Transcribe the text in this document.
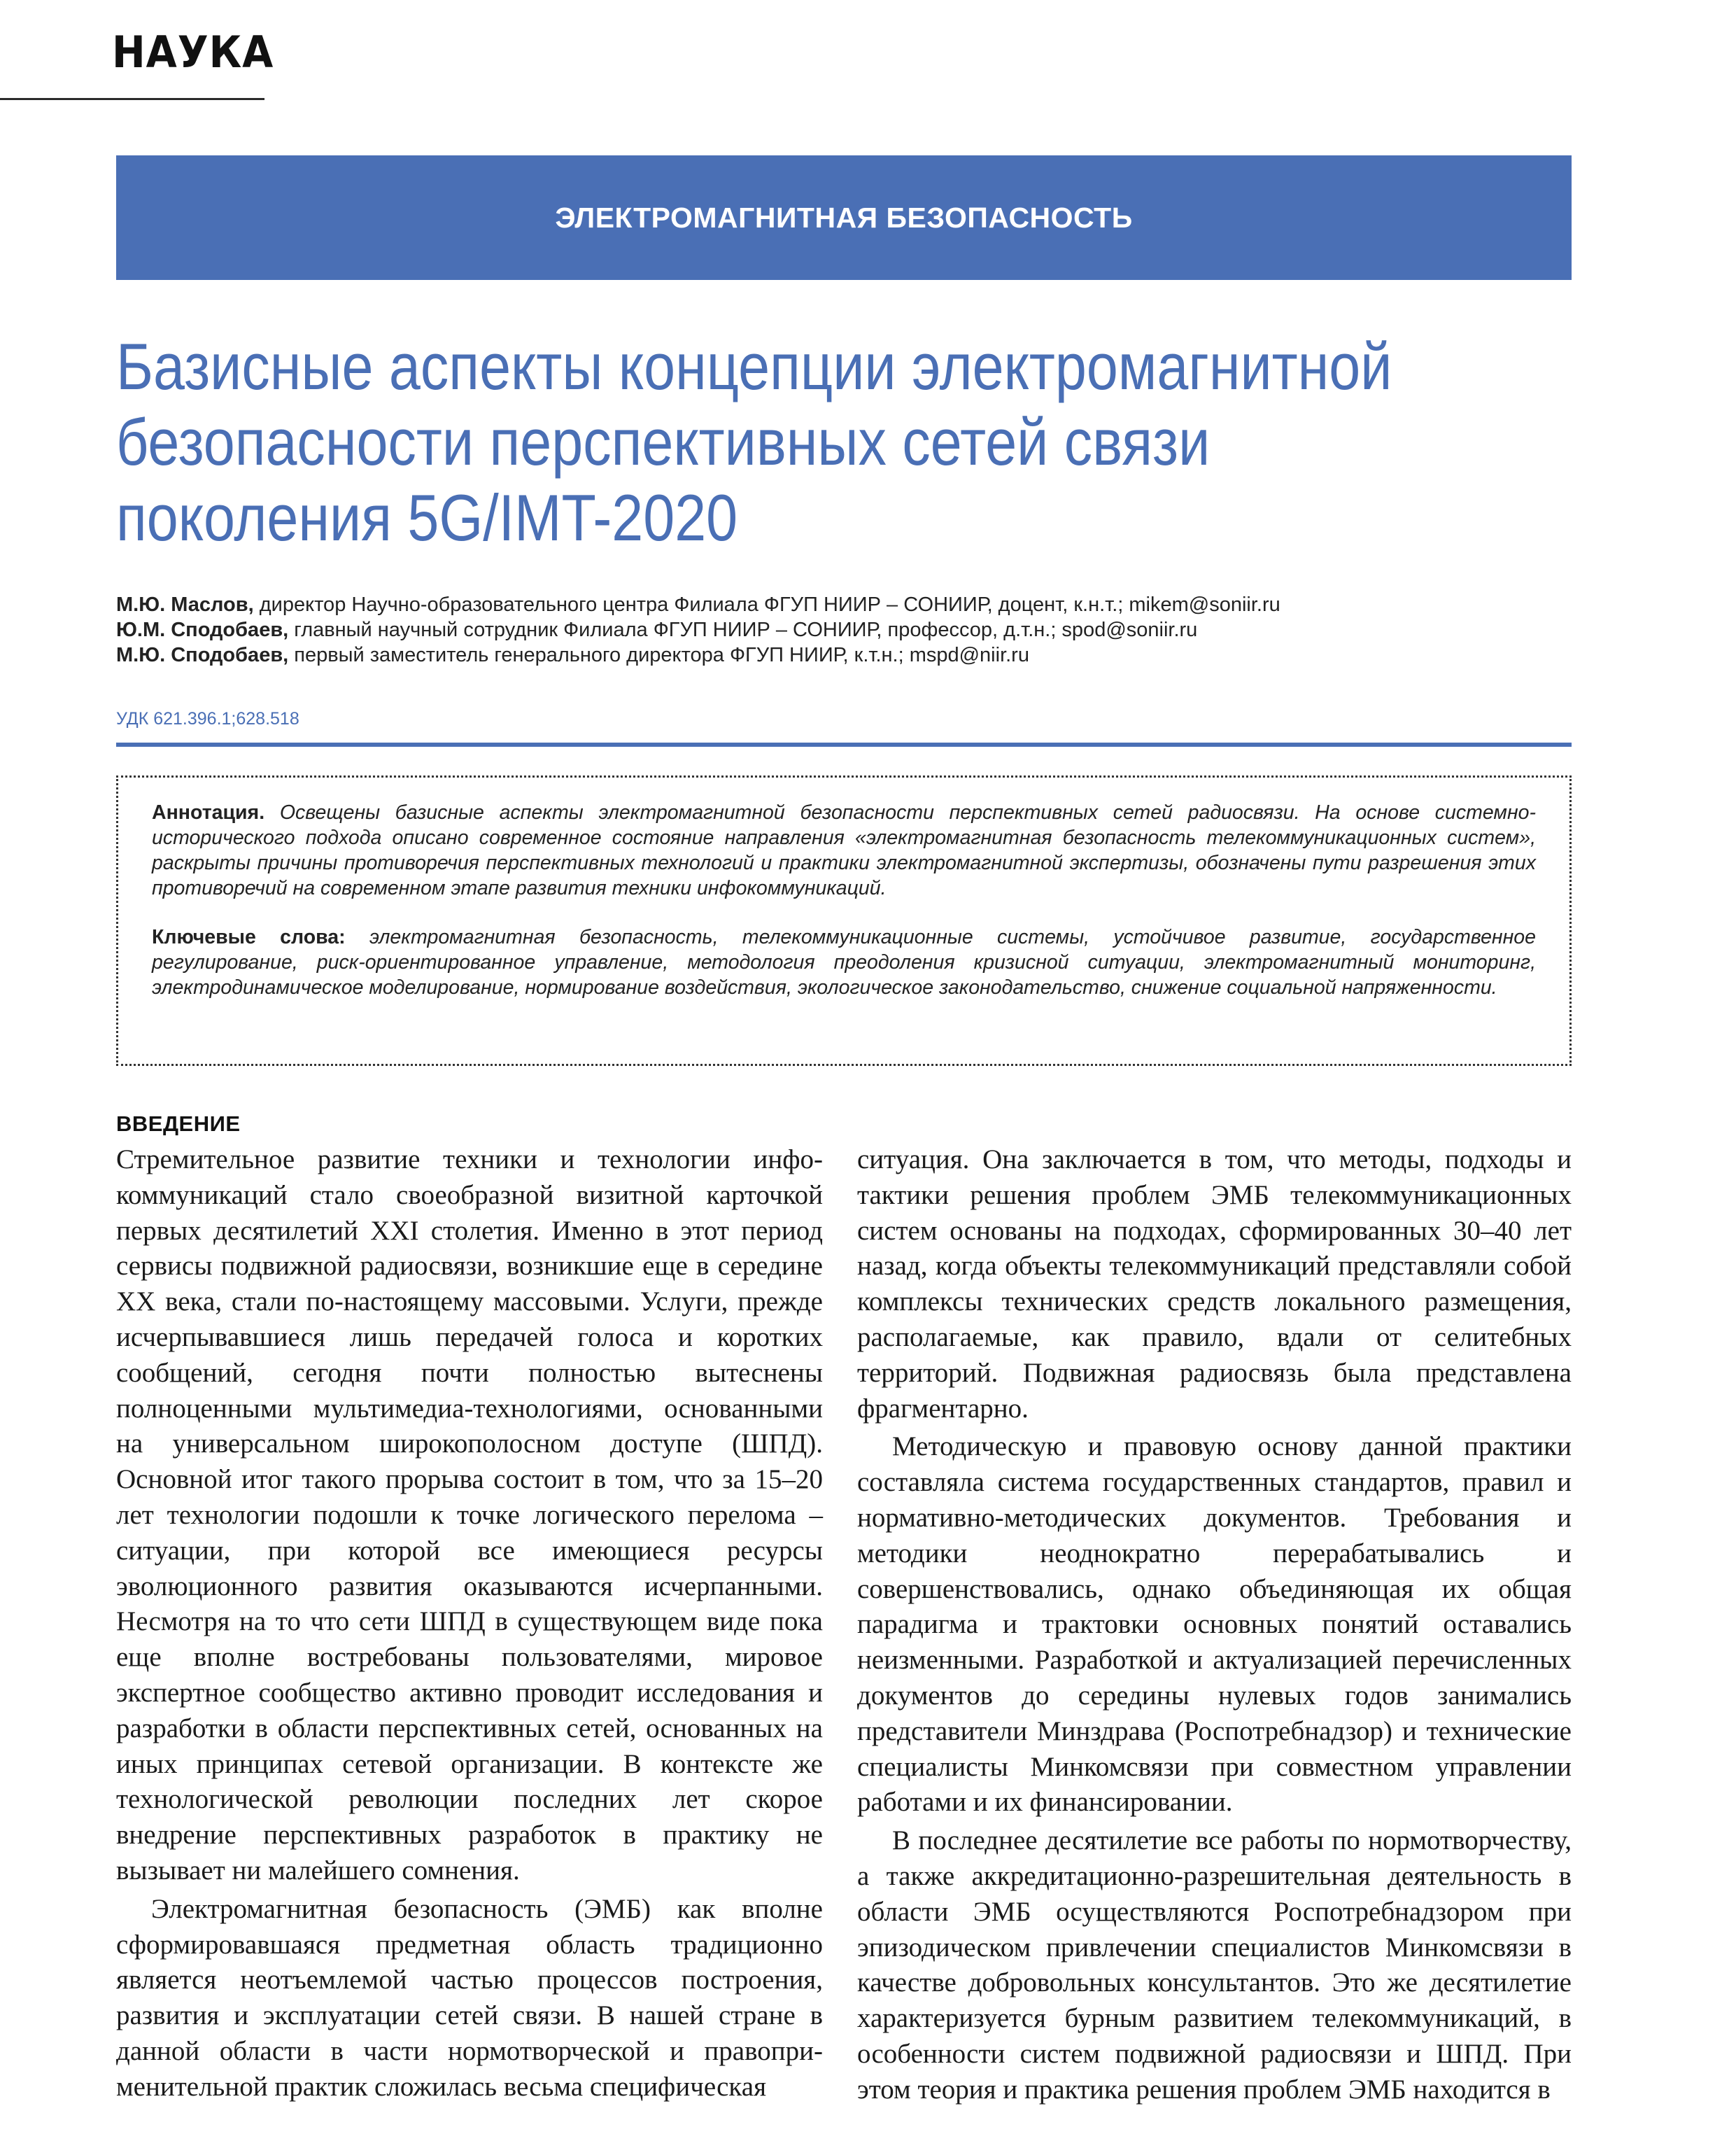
НАУКА
ЭЛЕКТРОМАГНИТНАЯ БЕЗОПАСНОСТЬ
Базисные аспекты концепции электромагнитной
безопасности перспективных сетей связи
поколения 5G/IMT-2020
М.Ю. Маслов, директор Научно-образовательного центра Филиала ФГУП НИИР – СОНИИР, доцент, к.н.т.; mikem@soniir.ru
Ю.М. Сподобаев, главный научный сотрудник Филиала ФГУП НИИР – СОНИИР, профессор, д.т.н.; spod@soniir.ru
М.Ю. Сподобаев, первый заместитель генерального директора ФГУП НИИР, к.т.н.; mspd@niir.ru
УДК 621.396.1;628.518

Аннотация. Освещены базисные аспекты электромагнитной безопасности перспективных сетей радиосвязи. На основе системно-исторического подхода описано современное состояние направления «электромагнитная безопасность телекоммуникационных систем», раскрыты причины противоречия перспективных технологий и практики электромагнитной экспертизы, обозначены пути разрешения этих противоречий на современном этапе развития техники инфокоммуникаций.

Ключевые слова: электромагнитная безопасность, телекоммуникационные системы, устойчивое развитие, государственное регулирование, риск-ориентированное управление, методология преодоления кризисной ситуации, электромагнитный мониторинг, электродинамическое моделирование, нормирование воздействия, экологическое законодательство, снижение социальной напряженности.

ВВЕДЕНИЕ

Стремительное развитие техники и технологии инфокоммуникаций стало своеобразной визитной карточкой первых десятилетий XXI столетия. Именно в этот период сервисы подвижной радиосвязи, возникшие еще в середине XX века, стали по-настоящему массовыми. Услуги, прежде исчерпывавшиеся лишь передачей голоса и коротких сообщений, сегодня почти полностью вытеснены полноценными мультимедиа-технологиями, основанными на универсальном широкополосном доступе (ШПД). Основной итог такого прорыва состоит в том, что за 15–20 лет технологии подошли к точке логического перелома – ситуации, при которой все имеющиеся ресурсы эволюционного развития оказываются исчерпанными. Несмотря на то что сети ШПД в существующем виде пока еще вполне востребованы пользователями, мировое экспертное сообщество активно проводит исследования и разработки в области перспективных сетей, основанных на иных принципах сетевой организации. В контексте же технологической революции последних лет скорое внедрение перспективных разработок в практику не вызывает ни малейшего сомнения.

Электромагнитная безопасность (ЭМБ) как вполне сформировавшаяся предметная область традиционно является неотъемлемой частью процессов построения, развития и эксплуатации сетей связи. В нашей стране в данной области в части нормотворческой и правоприменительной практик сложилась весьма специфическая

ситуация. Она заключается в том, что методы, подходы и тактики решения проблем ЭМБ телекоммуникационных систем основаны на подходах, сформированных 30–40 лет назад, когда объекты телекоммуникаций представляли собой комплексы технических средств локального размещения, располагаемые, как правило, вдали от селитебных территорий. Подвижная радиосвязь была представлена фрагментарно.

Методическую и правовую основу данной практики составляла система государственных стандартов, правил и нормативно-методических документов. Требования и методики неоднократно перерабатывались и совершенствовались, однако объединяющая их общая парадигма и трактовки основных понятий оставались неизменными. Разработкой и актуализацией перечисленных документов до середины нулевых годов занимались представители Минздрава (Роспотребнадзор) и технические специалисты Минкомсвязи при совместном управлении работами и их финансировании.

В последнее десятилетие все работы по нормотворчеству, а также аккредитационно-разрешительная деятельность в области ЭМБ осуществляются Роспотребнадзором при эпизодическом привлечении специалистов Минкомсвязи в качестве добровольных консультантов. Это же десятилетие характеризуется бурным развитием телекоммуникаций, в особенности систем подвижной радиосвязи и ШПД. При этом теория и практика решения проблем ЭМБ находится в
